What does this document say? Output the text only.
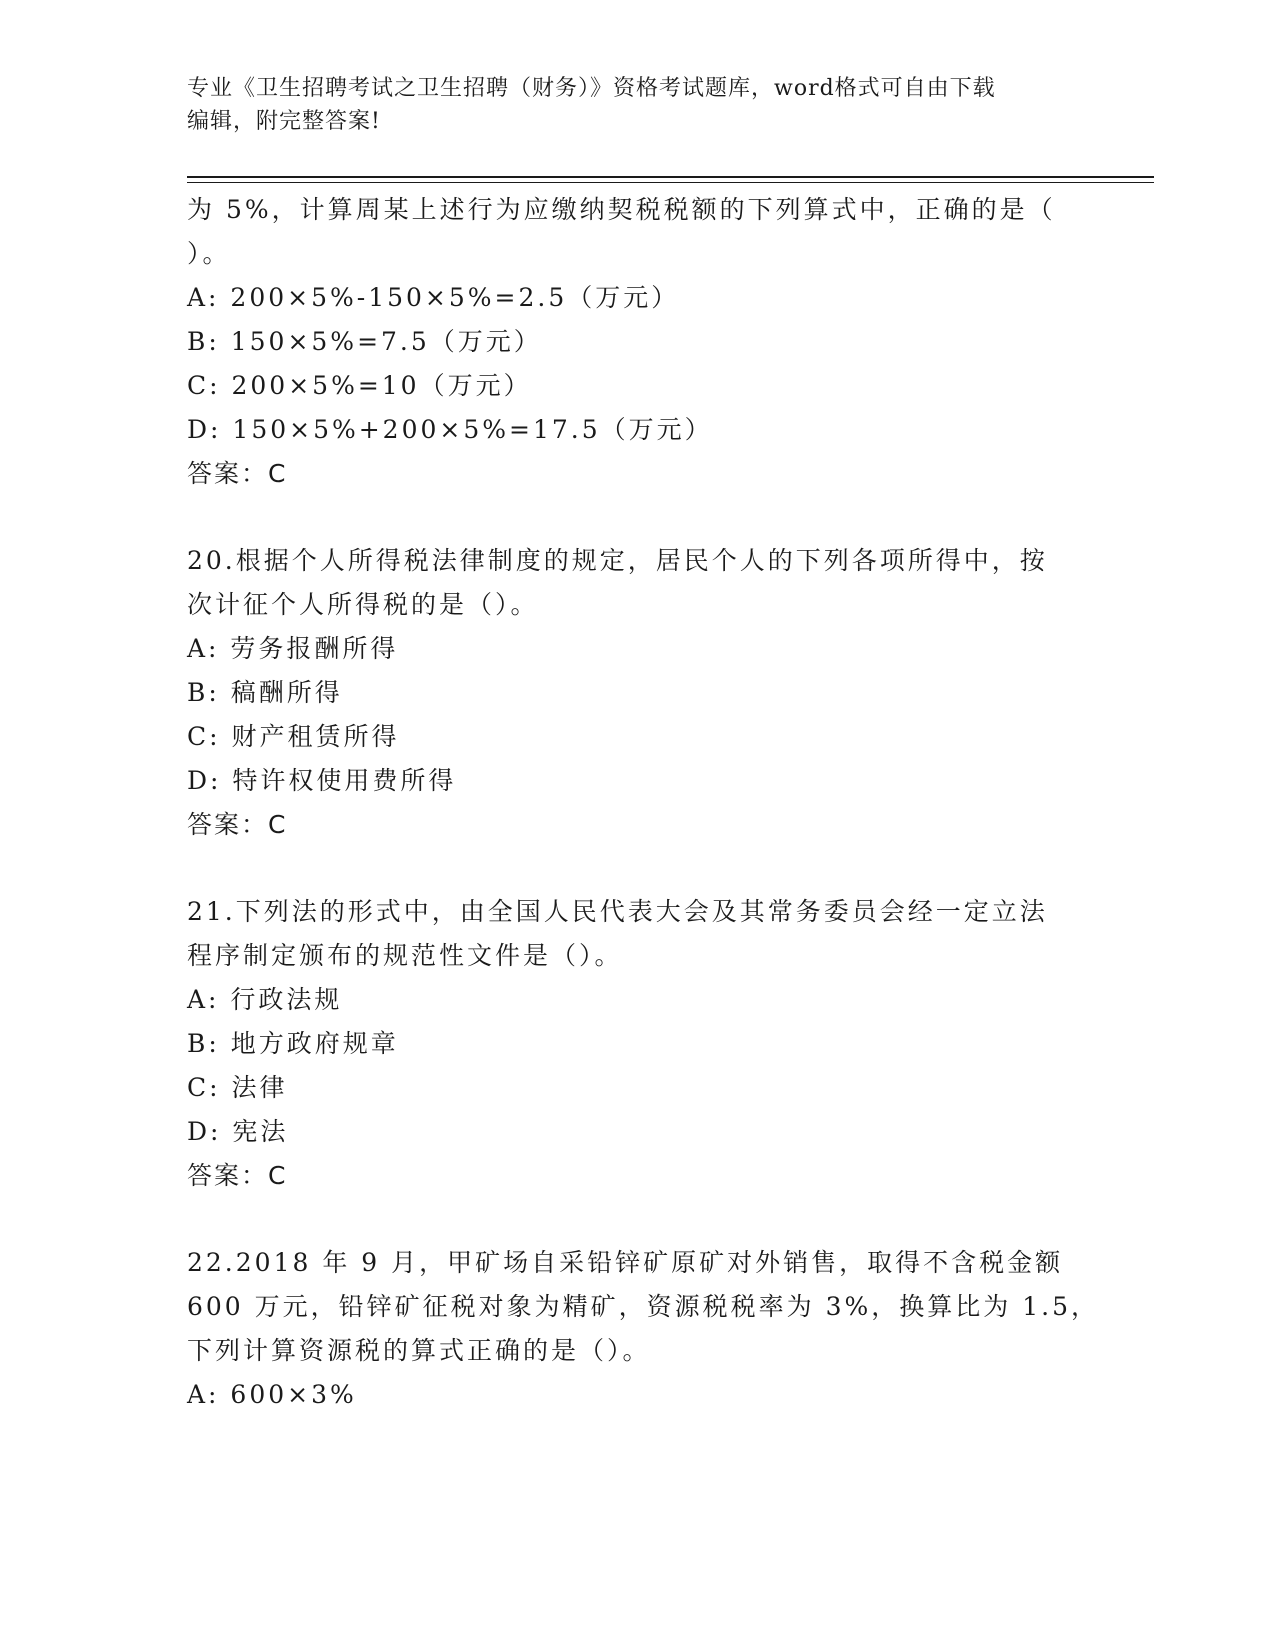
专业《卫生招聘考试之卫生招聘（财务）》资格考试题库，word格式可自由下载
编辑，附完整答案!
为 5%，计算周某上述行为应缴纳契税税额的下列算式中，正确的是（
）。
A: 200×5%-150×5%=2.5（万元）
B: 150×5%=7.5（万元）
C: 200×5%=10（万元）
D: 150×5%+200×5%=17.5（万元）
答案：C
20.根据个人所得税法律制度的规定，居民个人的下列各项所得中，按
次计征个人所得税的是（）。
A: 劳务报酬所得
B: 稿酬所得
C: 财产租赁所得
D: 特许权使用费所得
答案：C
21.下列法的形式中，由全国人民代表大会及其常务委员会经一定立法
程序制定颁布的规范性文件是（）。
A: 行政法规
B: 地方政府规章
C: 法律
D: 宪法
答案：C
22.2018 年 9 月，甲矿场自采铅锌矿原矿对外销售，取得不含税金额
600 万元，铅锌矿征税对象为精矿，资源税税率为 3%，换算比为 1.5，
下列计算资源税的算式正确的是（）。
A: 600×3%
